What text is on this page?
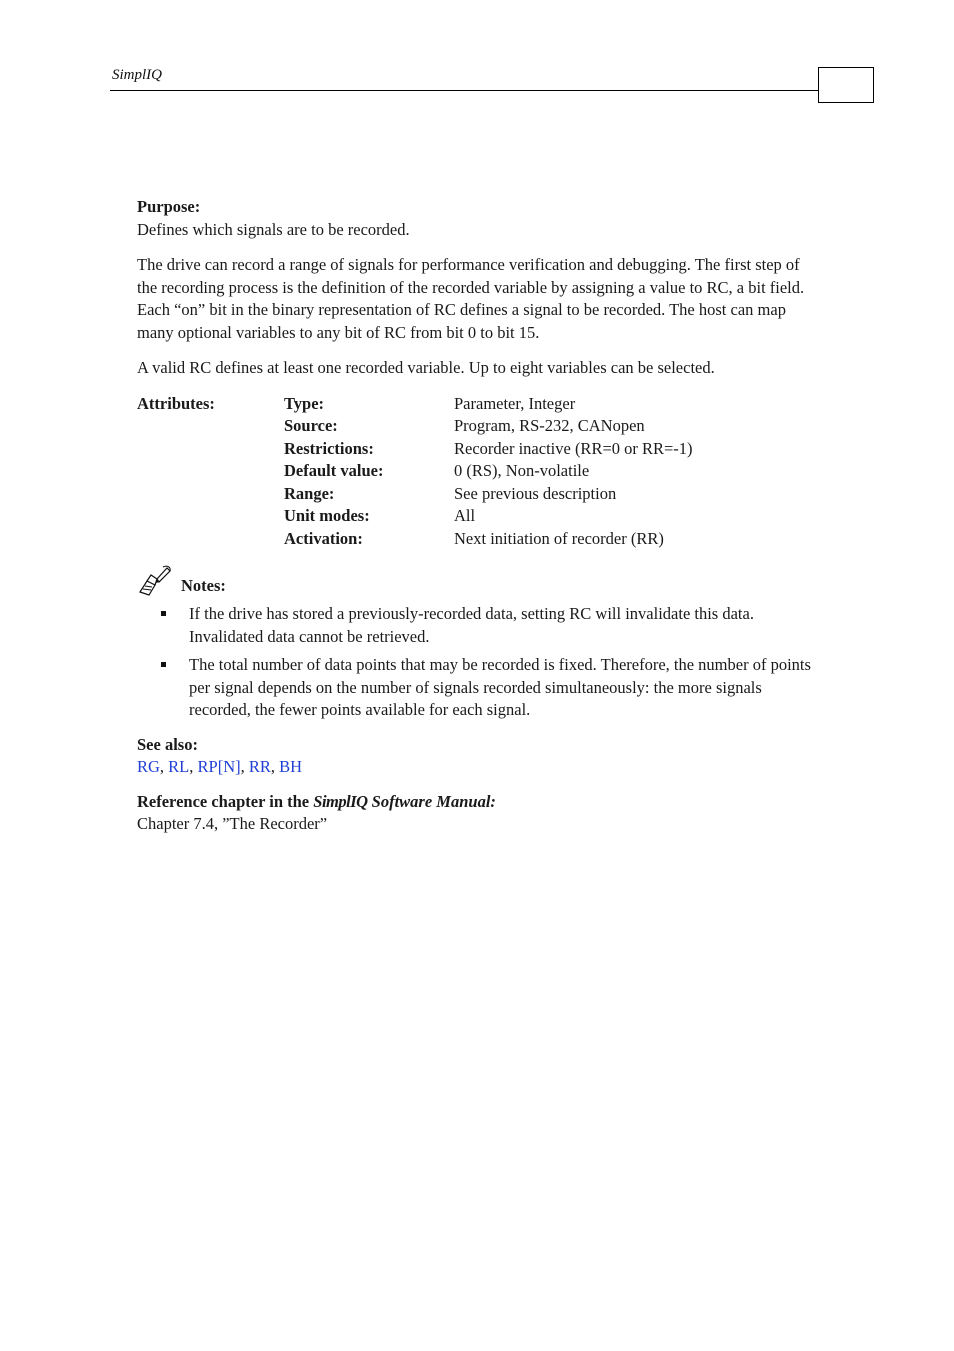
SimplIQ

Purpose:

Defines which signals are to be recorded.

The drive can record a range of signals for performance verification and debugging. The first step of the recording process is the definition of the recorded variable by assigning a value to RC, a bit field. Each “on” bit in the binary representation of RC defines a signal to be recorded. The host can map many optional variables to any bit of RC from bit 0 to bit 15.

A valid RC defines at least one recorded variable. Up to eight variables can be selected.

Attributes:	Type:	Parameter, Integer
Source:	Program, RS-232, CANopen
Restrictions:	Recorder inactive (RR=0 or RR=-1)
Default value:	0 (RS), Non-volatile
Range:	See previous description
Unit modes:	All
Activation:	Next initiation of recorder (RR)
Notes:
If the drive has stored a previously-recorded data, setting RC will invalidate this data. Invalidated data cannot be retrieved.
The total number of data points that may be recorded is fixed. Therefore, the number of points per signal depends on the number of signals recorded simultaneously: the more signals recorded, the fewer points available for each signal.

See also:

RG, RL, RP[N], RR, BH

Reference chapter in the SimplIQ Software Manual:

Chapter 7.4, ”The Recorder”
